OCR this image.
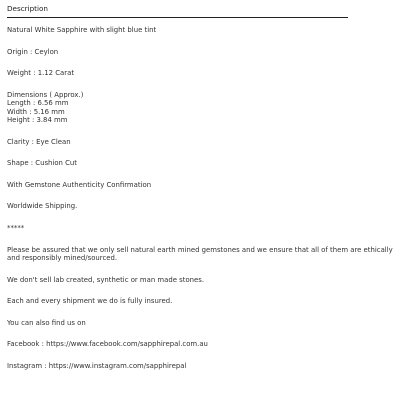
Description

Natural White Sapphire with slight blue tint

Origin : Ceylon

Weight : 1.12 Carat

Dimensions ( Approx.)
Length : 6.56 mm
Width : 5.16 mm
Height : 3.84 mm

Clarity : Eye Clean

Shape : Cushion Cut

With Gemstone Authenticity Confirmation

Worldwide Shipping.

*****

Please be assured that we only sell natural earth mined gemstones and we ensure that all of them are ethically and responsibly mined/sourced.

We don't sell lab created, synthetic or man made stones.

Each and every shipment we do is fully insured.

You can also find us on

Facebook : https://www.facebook.com/sapphirepal.com.au

Instagram : https://www.instagram.com/sapphirepal
